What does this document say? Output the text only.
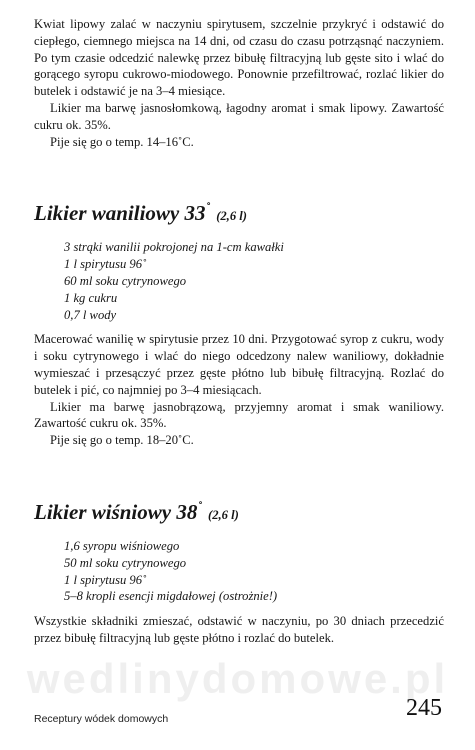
wedlinydomowe.pl

Kwiat lipowy zalać w naczyniu spirytusem, szczelnie przykryć i odstawić do ciepłego, ciemnego miejsca na 14 dni, od czasu do czasu potrząsnąć naczyniem. Po tym czasie odcedzić nalewkę przez bibułę filtracyjną lub gęste sito i wlać do gorącego syropu cukrowo-miodowego. Ponownie przefiltrować, rozlać likier do butelek i odstawić je na 3–4 miesiące.

Likier ma barwę jasnosłomkową, łagodny aromat i smak lipowy. Zawartość cukru ok. 35%.

Pije się go o temp. 14–16˚C.

Likier waniliowy 33˚ (2,6 l)
3 strąki wanilii pokrojonej na 1-cm kawałki
1 l spirytusu 96˚
60 ml soku cytrynowego
1 kg cukru
0,7 l wody

Macerować wanilię w spirytusie przez 10 dni. Przygotować syrop z cukru, wody i soku cytrynowego i wlać do niego odcedzony nalew waniliowy, dokładnie wymieszać i przesączyć przez gęste płótno lub bibułę filtracyjną. Rozlać do butelek i pić, co najmniej po 3–4 miesiącach.

Likier ma barwę jasnobrązową, przyjemny aromat i smak waniliowy. Zawartość cukru ok. 35%.

Pije się go o temp. 18–20˚C.

Likier wiśniowy 38˚ (2,6 l)
1,6 syropu wiśniowego
50 ml soku cytrynowego
1 l spirytusu 96˚
5–8 kropli esencji migdałowej (ostrożnie!)

Wszystkie składniki zmieszać, odstawić w naczyniu, po 30 dniach przecedzić przez bibułę filtracyjną lub gęste płótno i rozlać do butelek.

Receptury wódek domowych	245
